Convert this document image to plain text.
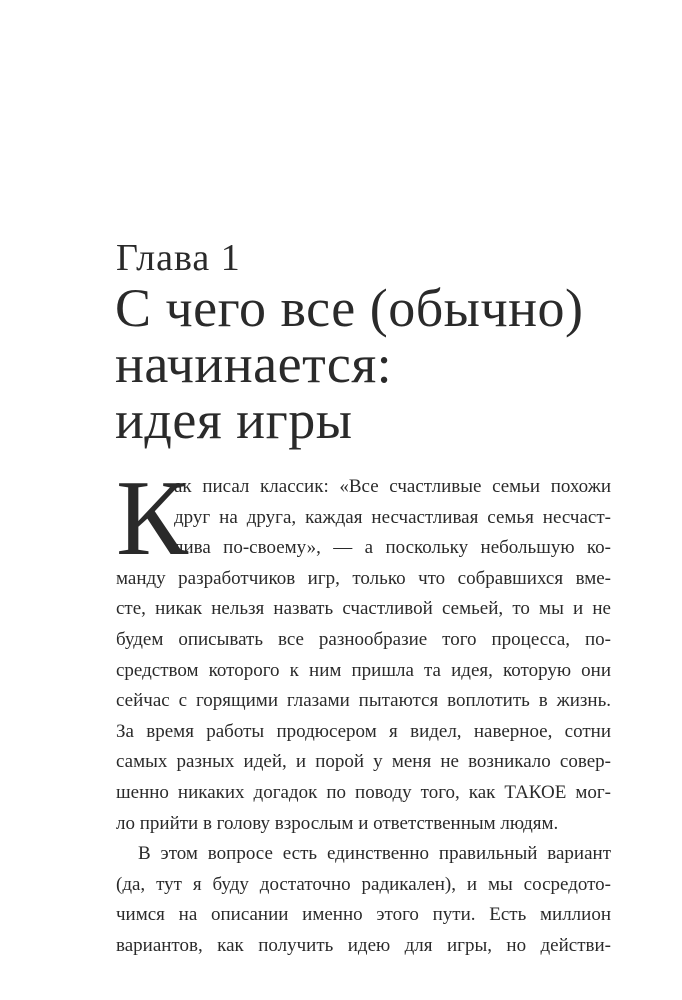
Глава 1
С чего все (обычно)
начинается:
идея игры
К
ак писал классик: «Все счастливые семьи похожи
друг на друга, каждая несчастливая семья несчаст-
лива по-своему», — а поскольку небольшую ко-
манду разработчиков игр, только что собравшихся вме-
сте, никак нельзя назвать счастливой семьей, то мы и не
будем описывать все разнообразие того процесса, по-
средством которого к ним пришла та идея, которую они
сейчас с горящими глазами пытаются воплотить в жизнь.
За время работы продюсером я видел, наверное, сотни
самых разных идей, и порой у меня не возникало совер-
шенно никаких догадок по поводу того, как ТАКОЕ мог-
ло прийти в голову взрослым и ответственным людям.
В этом вопросе есть единственно правильный вариант
(да, тут я буду достаточно радикален), и мы сосредото-
чимся на описании именно этого пути. Есть миллион
вариантов, как получить идею для игры, но действи-
